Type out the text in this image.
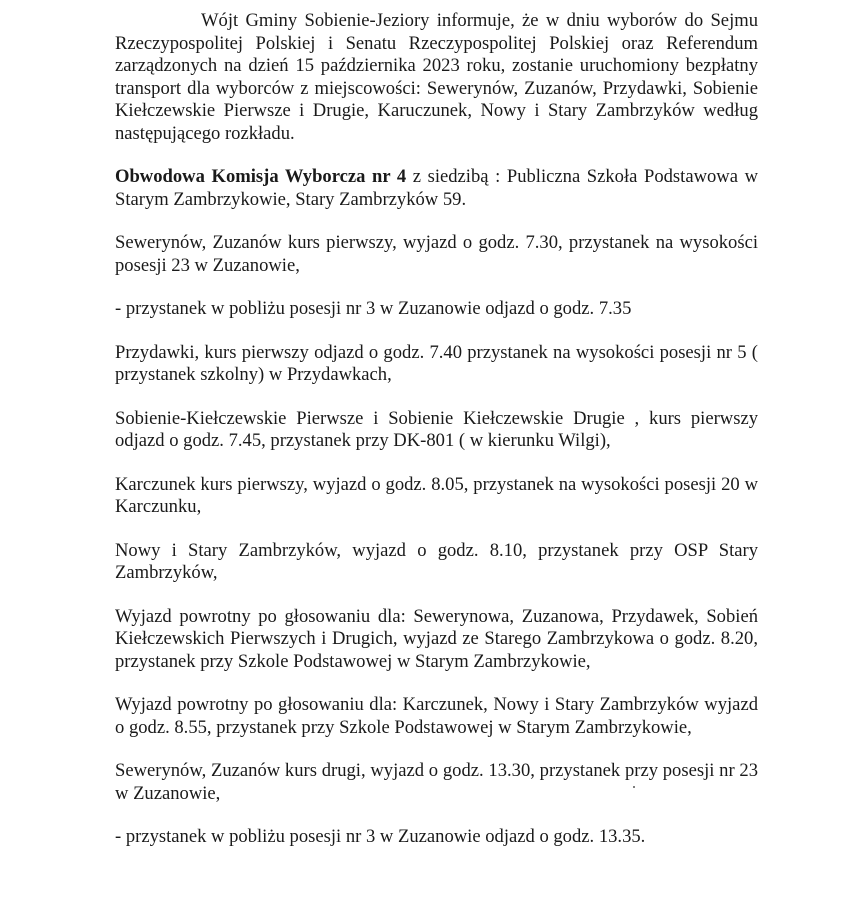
Wójt Gminy Sobienie-Jeziory informuje, że w dniu wyborów do Sejmu Rzeczypospolitej Polskiej i Senatu Rzeczypospolitej Polskiej oraz Referendum zarządzonych na dzień 15 października 2023 roku, zostanie uruchomiony bezpłatny transport dla wyborców z miejscowości: Sewerynów, Zuzanów, Przydawki, Sobienie Kiełczewskie Pierwsze i Drugie, Karuczunek, Nowy i Stary Zambrzyków według następującego rozkładu.

Obwodowa Komisja Wyborcza nr 4 z siedzibą : Publiczna Szkoła Podstawowa w Starym Zambrzykowie, Stary Zambrzyków 59.

Sewerynów, Zuzanów kurs pierwszy, wyjazd o godz. 7.30, przystanek na wysokości posesji 23 w Zuzanowie,

- przystanek w pobliżu posesji nr 3 w Zuzanowie odjazd o godz. 7.35

Przydawki, kurs pierwszy odjazd o godz. 7.40 przystanek na wysokości posesji nr 5 ( przystanek szkolny) w Przydawkach,

Sobienie-Kiełczewskie Pierwsze i Sobienie Kiełczewskie Drugie , kurs pierwszy odjazd o godz. 7.45, przystanek przy DK-801 ( w kierunku Wilgi),

Karczunek kurs pierwszy, wyjazd o godz. 8.05, przystanek na wysokości posesji 20 w Karczunku,

Nowy i Stary Zambrzyków, wyjazd o godz. 8.10, przystanek przy OSP Stary Zambrzyków,

Wyjazd powrotny po głosowaniu dla: Sewerynowa, Zuzanowa, Przydawek, Sobień Kiełczewskich Pierwszych i Drugich, wyjazd ze Starego Zambrzykowa o godz. 8.20, przystanek przy Szkole Podstawowej w Starym Zambrzykowie,

Wyjazd powrotny po głosowaniu dla: Karczunek, Nowy i Stary Zambrzyków wyjazd o godz. 8.55, przystanek przy Szkole Podstawowej w Starym Zambrzykowie,

Sewerynów, Zuzanów kurs drugi, wyjazd o godz. 13.30, przystanek przy posesji nr 23 w Zuzanowie,

- przystanek w pobliżu posesji nr 3 w Zuzanowie odjazd o godz. 13.35.
